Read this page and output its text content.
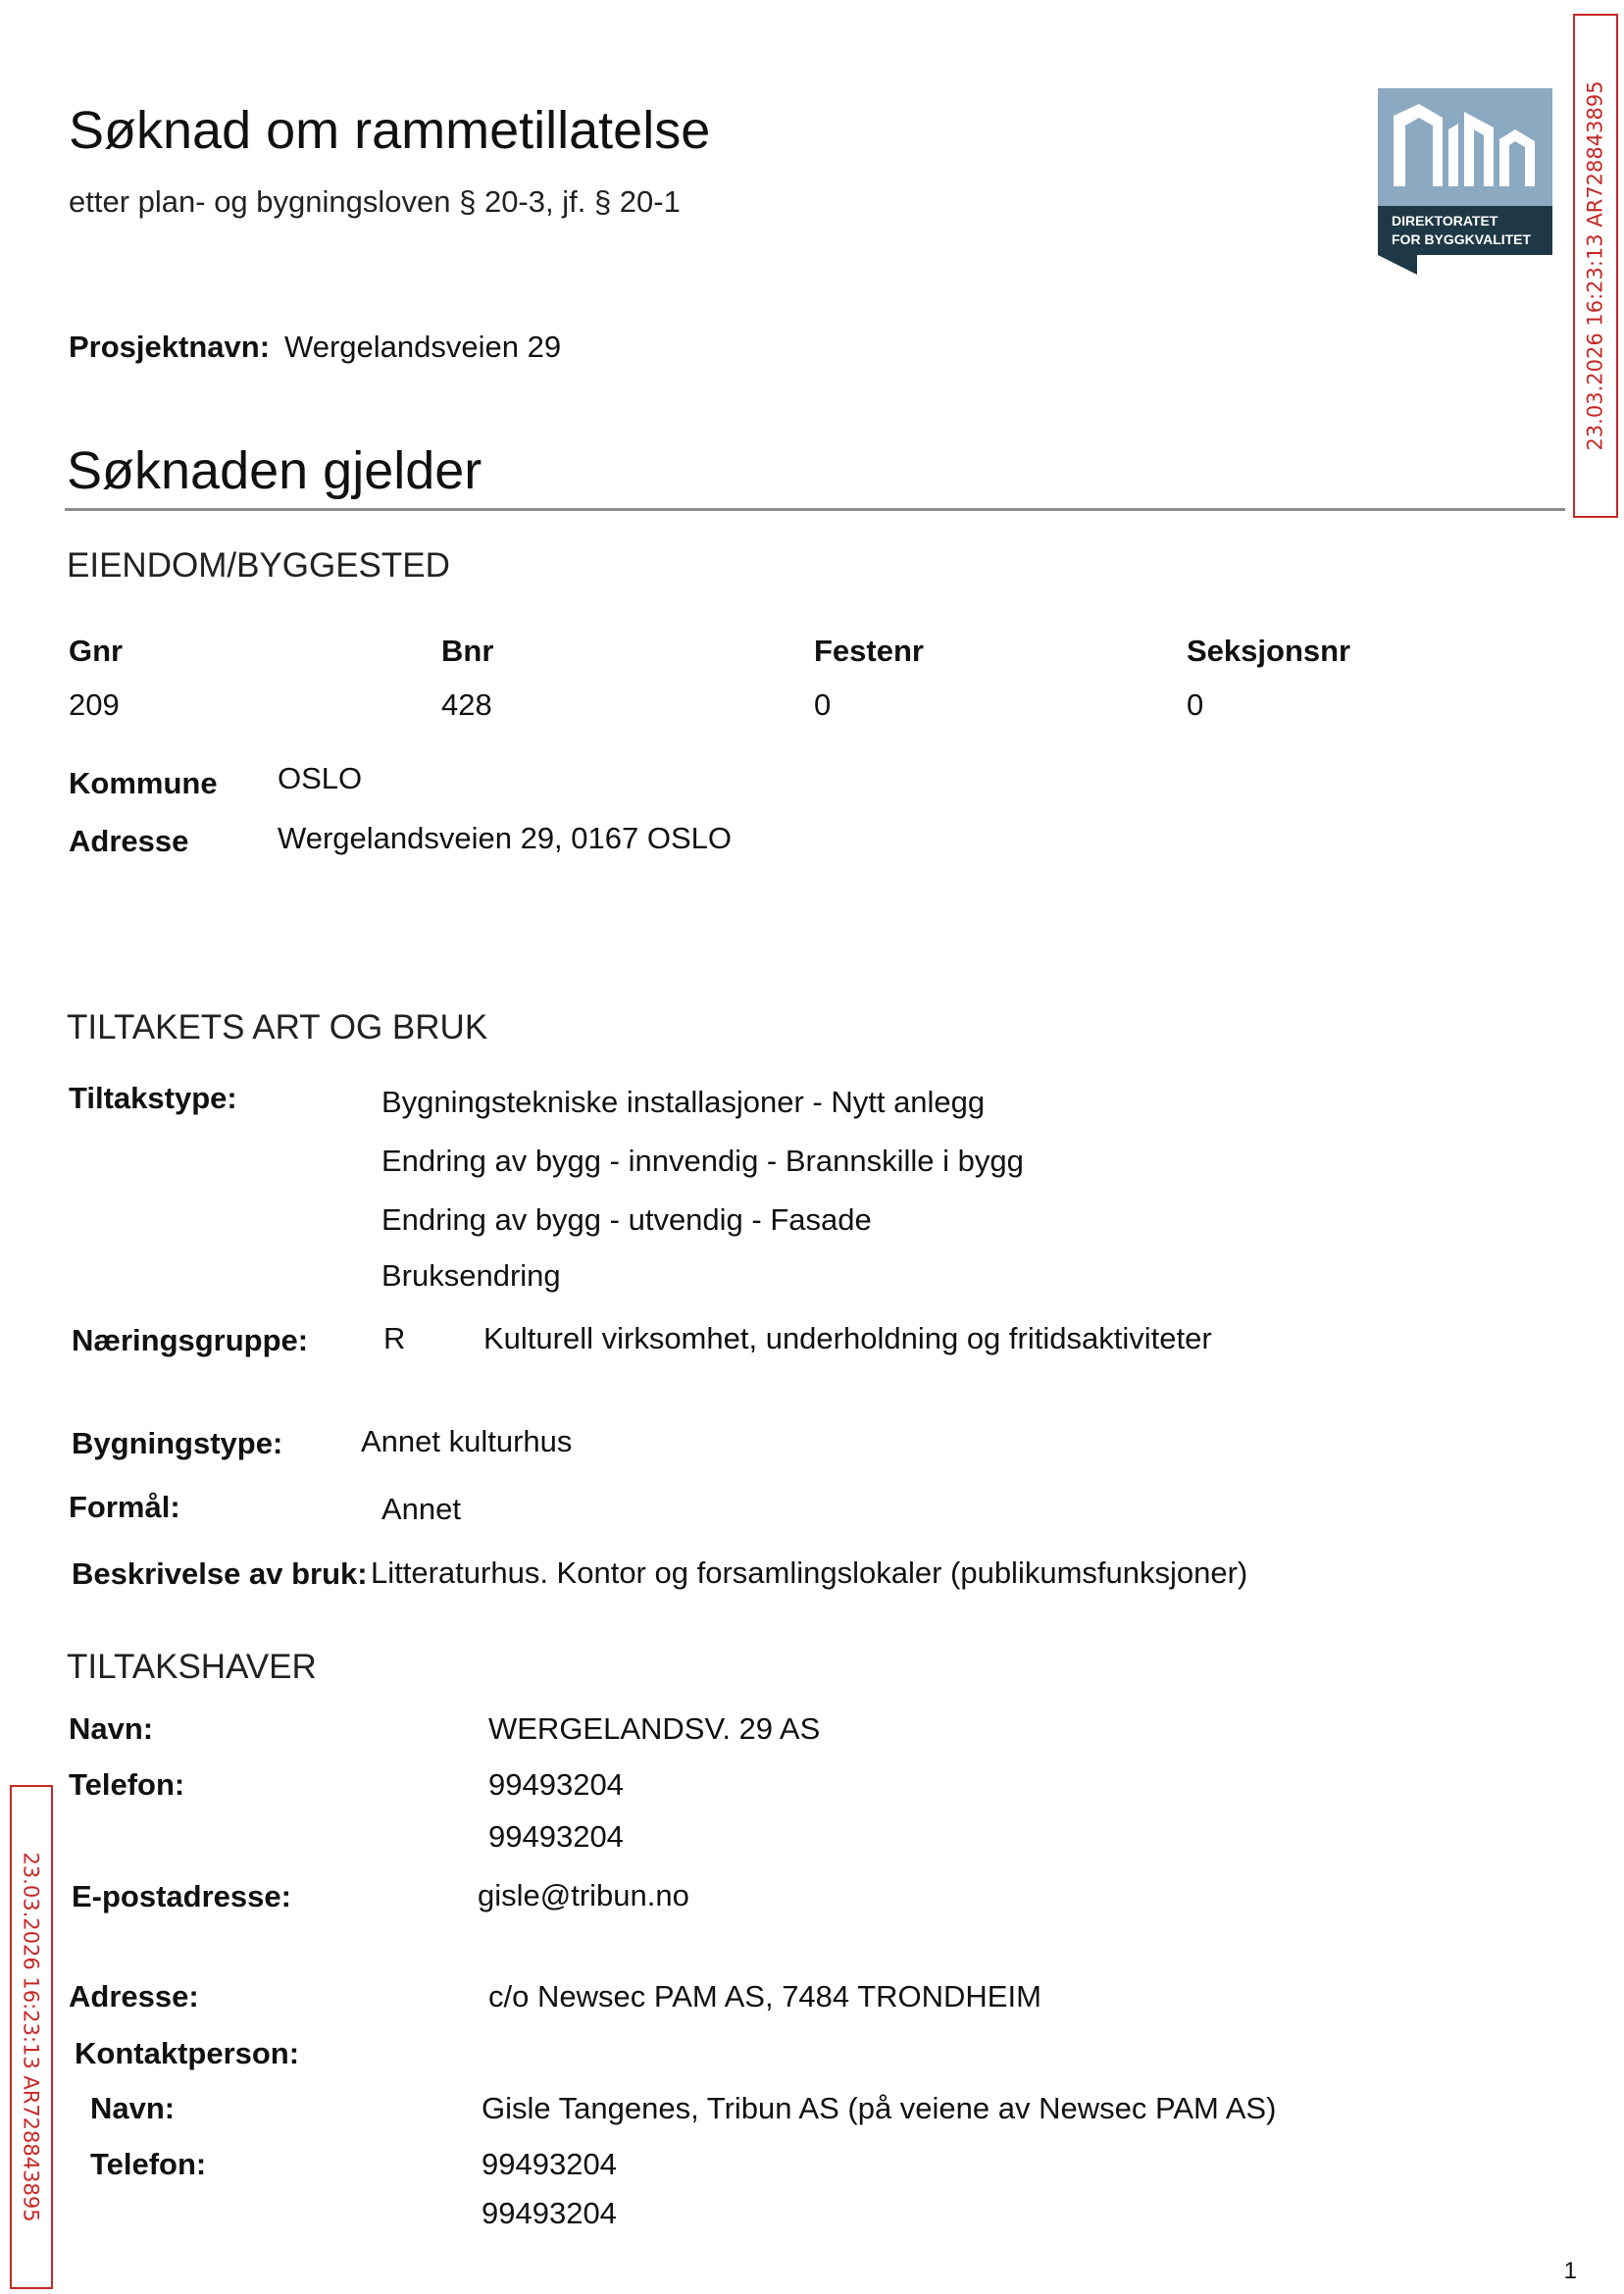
Søknad om rammetillatelse
etter plan- og bygningsloven § 20-3, jf. § 20-1
DIREKTORATET
FOR BYGGKVALITET	23.03.2026 16:23:13 AR728843895
23.03.2026 16:23:13 AR728843895
Prosjektnavn: Wergelandsveien 29
Søknaden gjelder
EIENDOM/BYGGESTED
Gnr	Bnr	Festenr	Seksjonsnr
209	428	0	0
Kommune OSLO
Adresse	Wergelandsveien 29, 0167 OSLO
TILTAKETS ART OG BRUK
Tiltakstype:	Bygningstekniske installasjoner - Nytt anlegg
Endring av bygg - innvendig - Brannskille i bygg
Endring av bygg - utvendig - Fasade
Bruksendring
Næringsgruppe: R	Kulturell virksomhet, underholdning og fritidsaktiviteter
Bygningstype:	Annet kulturhus
Formål:	Annet
Beskrivelse av bruk: Litteraturhus. Kontor og forsamlingslokaler (publikumsfunksjoner)
TILTAKSHAVER
Navn:	WERGELANDSV. 29 AS
Telefon:	99493204
99493204
E-postadresse:	gisle@tribun.no
Adresse:	c/o Newsec PAM AS, 7484 TRONDHEIM
Kontaktperson:
Navn:	Gisle Tangenes, Tribun AS (på veiene av Newsec PAM AS)
Telefon:	99493204
99493204
1
